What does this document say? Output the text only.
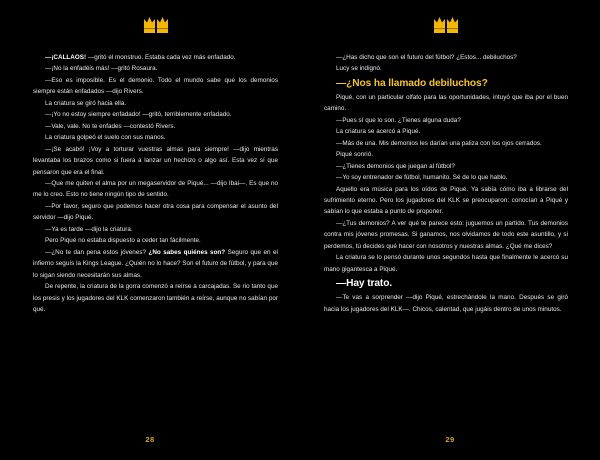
—¡CALLAOS! —gritó el monstruo. Estaba cada vez más enfadado.

—¡No la enfadéis más! —gritó Rosaura.

—Eso es imposible. Es el demonio. Todo el mundo sabe que los demonios siempre están enfadados —dijo Rivers.

La criatura se giró hacia ella.

—¡Yo no estoy siempre enfadado! —gritó, terriblemente enfadado.

—Vale, vale. No te enfades —contestó Rivers.

La criatura golpeó el suelo con sus manos.

—¡Se acabó! ¡Voy a torturar vuestras almas para siempre! —dijo mientras levantaba los brazos como si fuera a lanzar un hechizo o algo así. Esta vez sí que pensaron que era el final.

—Que me quiten el alma por un megaservidor de Piqué... —dijo Ibai—. Es que no me lo creo. Esto no tiene ningún tipo de sentido.

—Por favor, seguro que podemos hacer otra cosa para compensar el asunto del servidor —dijo Piqué.

—Ya es tarde —dijo la criatura.

Pero Piqué no estaba dispuesto a ceder tan fácilmente.

—¿No te dan pena estos jóvenes? ¿No sabes quiénes son? Seguro que en el infierno seguís la Kings League. ¿Quién no lo hace? Son el futuro de fútbol, y para que lo sigan siendo necesitarán sus almas.

De repente, la criatura de la gorra comenzó a reírse a carcajadas. Se rio tanto que los presis y los jugadores del KLK comenzaron también a reírse, aunque no sabían por qué.

28

—¿Has dicho que son el futuro del fútbol? ¿Estos... debiluchos?

Lucy se indignó.

—¿Nos ha llamado debiluchos?

Piqué, con un particular olfato para las oportunidades, intuyó que iba por el buen camino.

—Pues sí que lo son. ¿Tienes alguna duda?

La criatura se acercó a Piqué.

—Más de una. Mis demonios les darían una paliza con los ojos cerrados.

Piqué sonrió.

—¿Tienes demonios que juegan al fútbol?

—Yo soy entrenador de fútbol, humanito. Sé de lo que hablo.

Aquello era música para los oídos de Piqué. Ya sabía cómo iba a librarse del sufrimiento eterno. Pero los jugadores del KLK se preocuparon: conocían a Piqué y sabían lo que estaba a punto de proponer.

—¿Tus demonios? A ver qué te parece esto: juguemos un partido. Tus demonios contra mis jóvenes promesas. Si ganamos, nos olvidamos de todo este asuntillo, y si perdemos, tú decides qué hacer con nosotros y nuestras almas. ¿Qué me dices?

La criatura se lo pensó durante unos segundos hasta que finalmente le acercó su mano gigantesca a Piqué.

—Hay trato.

—Te vas a sorprender —dijo Piqué, estrechándole la mano. Después se giró hacia los jugadores del KLK—. Chicos, calentad, que jugáis dentro de unos minutos.

29
